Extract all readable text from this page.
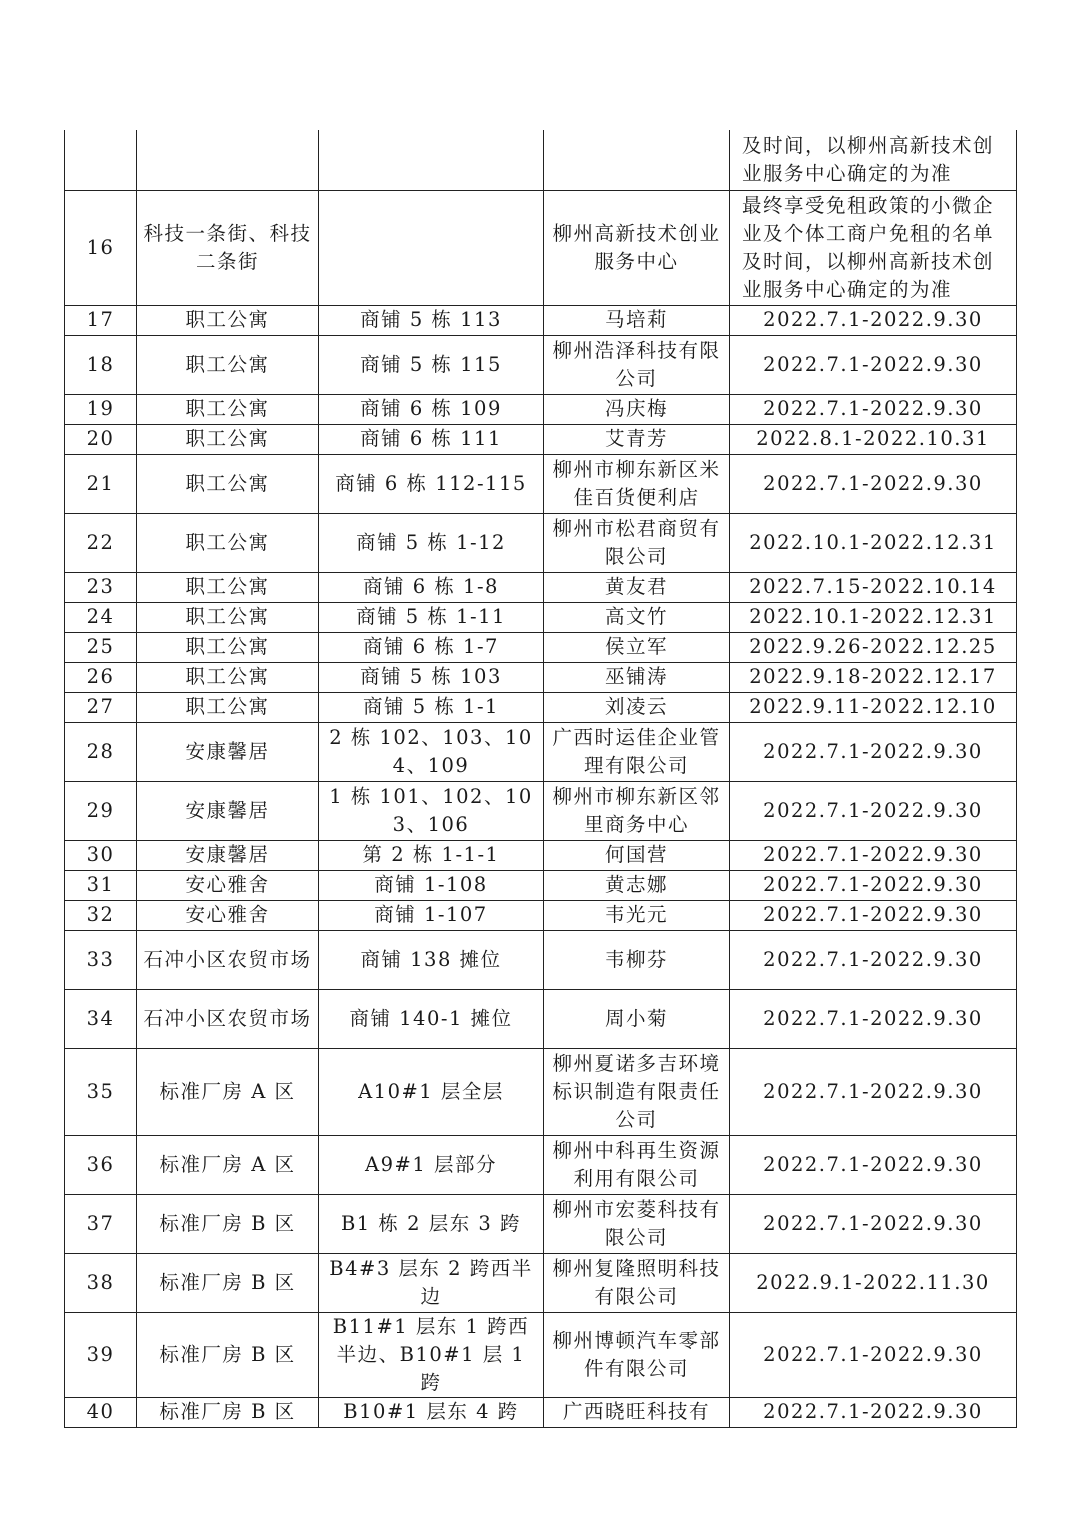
				及时间，以柳州高新技术创业服务中心确定的为准
16	科技一条街、科技二条街		柳州高新技术创业服务中心	最终享受免租政策的小微企业及个体工商户免租的名单及时间，以柳州高新技术创业服务中心确定的为准
17	职工公寓	商铺 5 栋 113	马培莉	2022.7.1-2022.9.30
18	职工公寓	商铺 5 栋 115	柳州浩泽科技有限公司	2022.7.1-2022.9.30
19	职工公寓	商铺 6 栋 109	冯庆梅	2022.7.1-2022.9.30
20	职工公寓	商铺 6 栋 111	艾青芳	2022.8.1-2022.10.31
21	职工公寓	商铺 6 栋 112-115	柳州市柳东新区米佳百货便利店	2022.7.1-2022.9.30
22	职工公寓	商铺 5 栋 1-12	柳州市松君商贸有限公司	2022.10.1-2022.12.31
23	职工公寓	商铺 6 栋 1-8	黄友君	2022.7.15-2022.10.14
24	职工公寓	商铺 5 栋 1-11	高文竹	2022.10.1-2022.12.31
25	职工公寓	商铺 6 栋 1-7	侯立军	2022.9.26-2022.12.25
26	职工公寓	商铺 5 栋 103	巫铺涛	2022.9.18-2022.12.17
27	职工公寓	商铺 5 栋 1-1	刘凌云	2022.9.11-2022.12.10
28	安康馨居	2 栋 102、103、104、109	广西时运佳企业管理有限公司	2022.7.1-2022.9.30
29	安康馨居	1 栋 101、102、103、106	柳州市柳东新区邻里商务中心	2022.7.1-2022.9.30
30	安康馨居	第 2 栋 1-1-1	何国营	2022.7.1-2022.9.30
31	安心雅舍	商铺 1-108	黄志娜	2022.7.1-2022.9.30
32	安心雅舍	商铺 1-107	韦光元	2022.7.1-2022.9.30
33	石冲小区农贸市场	商铺 138 摊位	韦柳芬	2022.7.1-2022.9.30
34	石冲小区农贸市场	商铺 140-1 摊位	周小菊	2022.7.1-2022.9.30
35	标准厂房 A 区	A10#1 层全层	柳州夏诺多吉环境标识制造有限责任公司	2022.7.1-2022.9.30
36	标准厂房 A 区	A9#1 层部分	柳州中科再生资源利用有限公司	2022.7.1-2022.9.30
37	标准厂房 B 区	B1 栋 2 层东 3 跨	柳州市宏菱科技有限公司	2022.7.1-2022.9.30
38	标准厂房 B 区	B4#3 层东 2 跨西半边	柳州复隆照明科技有限公司	2022.9.1-2022.11.30
39	标准厂房 B 区	B11#1 层东 1 跨西半边、B10#1 层 1 跨	柳州博顿汽车零部件有限公司	2022.7.1-2022.9.30
40	标准厂房 B 区	B10#1 层东 4 跨	广西晓旺科技有	2022.7.1-2022.9.30
